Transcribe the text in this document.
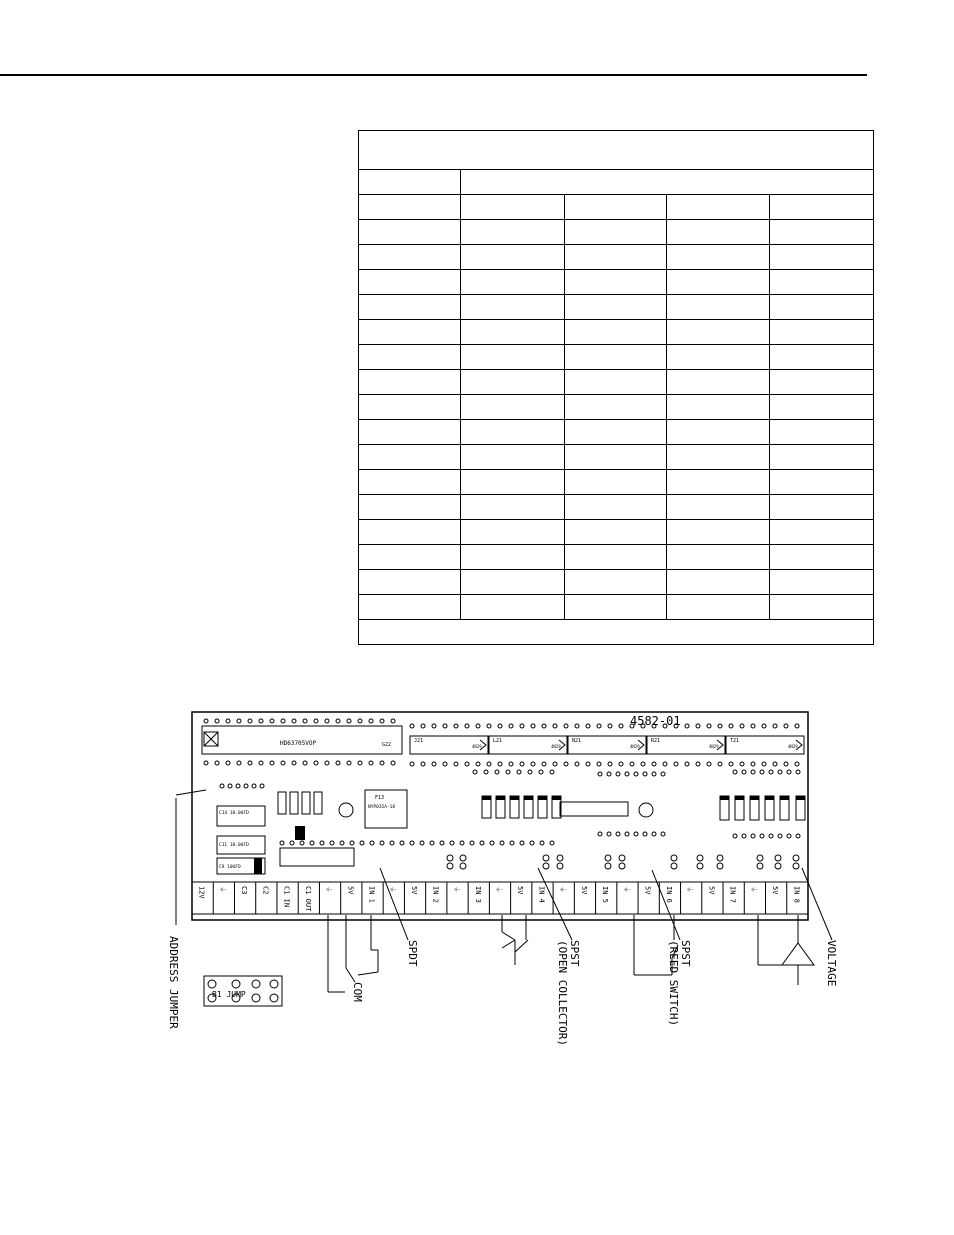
4582-01
HD63705VOP	G22
J21
4N29
L21
4N29
N21
4N29
R21
4N29
T21
4N29
F13
NYP035A-18
C14 10.0UFD
C11 10.0UFD
C9 10UFD
12V ⏚ C3 C2 C1 IN C1 OUT ⏚ 5V IN 1 ⏚ 5V IN 2 ⏚ IN 3 ⏚ 5V IN 4 ⏚ 5V IN 5 ⏚ 5V IN 6 ⏚ 5V IN 7 ⏚ 5V IN 8
ADDRESS JUMPER	SPDT
COM
SPST(OPEN COLLECTOR)	SPST(REED SWITCH)	VOLTAGE
B1 JUMP
